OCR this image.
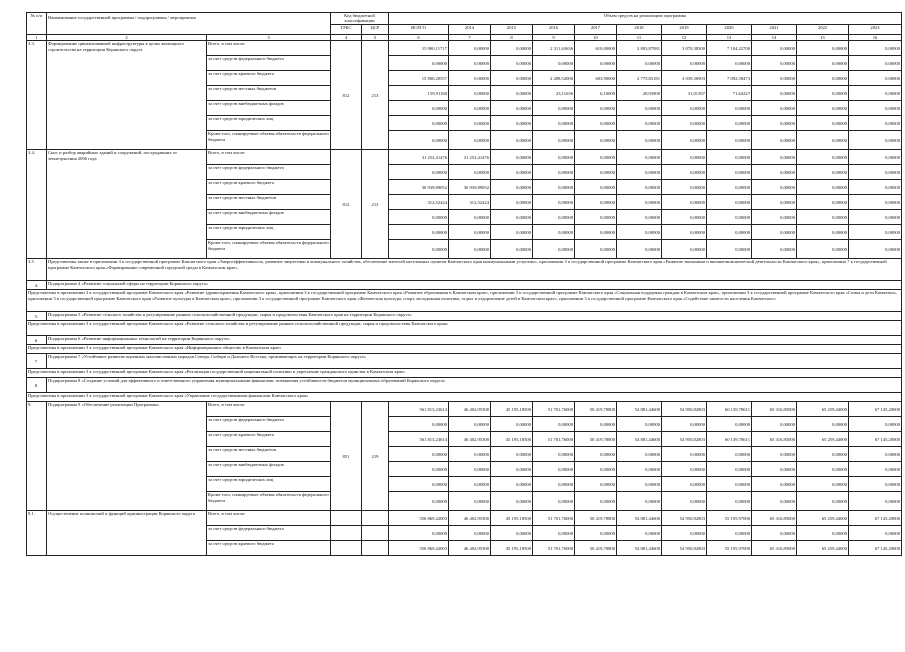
№ п/п	Наименование государственной программы / подпрограммы / мероприятия		Код бюджетной классификации		Объем средств на реализацию программы										
			ГРБС	ЦСР	ВСЕГО	2014	2015	2016	2017	2018	2019	2020	2021	2022	2023
1	2	3	4	5	6	7	8	9	10	11	12	13	14	15	16
3.3.	Формирование цивилизованной инфраструктуры в целях жилищного строительства на территории Корякского округа	Всего, в том числе:	812	213	15 900,11717	0,00000	0,00000	2 311,63636	610,00000	2 803,87081	3 070,38300	7 104,22700	0,00000	0,00000	0,00000
		за счет средств федерального бюджета			0,00000	0,00000	0,00000	0,00000	0,00000	0,00000	0,00000	0,00000	0,00000	0,00000	0,00000
		за счет средств краевого бюджета			15 800,20557	0,00000	0,00000	2 288,52000	603,90000	2 775,83181	3 039,36903	7 092,58473	0,00000	0,00000	0,00000
		за счет средств местных бюджетов			159,91160	0,00000	0,00000	23,11636	6,10000	28,03900	31,01397	71,64227	0,00000	0,00000	0,00000
		за счет средств внебюджетных фондов			0,00000	0,00000	0,00000	0,00000	0,00000	0,00000	0,00000	0,00000	0,00000	0,00000	0,00000
		за счет средств юридических лиц			0,00000	0,00000	0,00000	0,00000	0,00000	0,00000	0,00000	0,00000	0,00000	0,00000	0,00000
		Кроме того, планируемые объемы обязательств федерального бюджета			0,00000	0,00000	0,00000	0,00000	0,00000	0,00000	0,00000	0,00000	0,00000	0,00000	0,00000
3.4.	Снос и разбор аварийных зданий и сооружений, пострадавших от землетрясения 2006 года	Всего, в том числе:	812	213	31 252,41476	31 252,41476	0,00000	0,00000	0,00000	0,00000	0,00000	0,00000	0,00000	0,00000	0,00000
		за счет средств федерального бюджета			0,00000	0,00000	0,00000	0,00000	0,00000	0,00000	0,00000	0,00000	0,00000	0,00000	0,00000
		за счет средств краевого бюджета			30 939,89052	30 939,89052	0,00000	0,00000	0,00000	0,00000	0,00000	0,00000	0,00000	0,00000	0,00000
		за счет средств местных бюджетов			312,52424	312,52424	0,00000	0,00000	0,00000	0,00000	0,00000	0,00000	0,00000	0,00000	0,00000
		за счет средств внебюджетных фондов			0,00000	0,00000	0,00000	0,00000	0,00000	0,00000	0,00000	0,00000	0,00000	0,00000	0,00000
		за счет средств юридических лиц			0,00000	0,00000	0,00000	0,00000	0,00000	0,00000	0,00000	0,00000	0,00000	0,00000	0,00000
		Кроме того, планируемые объемы обязательств федерального бюджета			0,00000	0,00000	0,00000	0,00000	0,00000	0,00000	0,00000	0,00000	0,00000	0,00000	0,00000
3.5	Представлены также в приложении 3 к государственной программе Камчатского края «Энергоэффективность, развитие энергетики и коммунального хозяйства, обеспечение жителей населенных пунктов Камчатского края коммунальными услугами», приложении 3 к государственной программе Камчатского края «Развитие экономики и внешнеэкономической деятельности Камчатского края», приложении 7 к государственной программе Камчатского края «Формирование современной городской среды в Камчатском крае»														
4.	Подпрограмма 4 «Развитие социальной сферы на территории Корякского округа»														
Представлены в приложении 3 к государственной программе Камчатского края «Развитие здравоохранения Камчатского края», приложении 3 к государственной программе Камчатского края «Развитие образования в Камчатском крае», приложении 3 к государственной программе Камчатского края «Социальная поддержка граждан в Камчатском крае», приложении 3 к государственной программе Камчатского края «Семья и дети Камчатки», приложении 3 к государственной программе Камчатского края «Развитие культуры в Камчатском крае», приложении 3 к государственной программе Камчатского края «Физическая культура, спорт, молодежная политика, отдых и оздоровление детей в Камчатском крае», приложении 3 к государственной программе Камчатского края «Содействие занятости населения Камчатского															
5.	Подпрограмма 5 «Развитие сельского хозяйства и регулирование рынков сельскохозяйственной продукции, сырья и продовольствия Камчатского края на территории Корякского округа»														
Представлены в приложении 3 к государственной программе Камчатского края «Развитие сельского хозяйства и регулирование рынков сельскохозяйственной продукции, сырья и продовольствия Камчатского края»															
6.	Подпрограмма 6 «Развитие информационных технологий на территории Корякского округа»														
Представлены в приложении 3 к государственной программе Камчатского края «Информационное общество в Камчатском крае»															
7.	Подпрограмма 7 «Устойчивое развитие коренных малочисленных народов Севера, Сибири и Дальнего Востока, проживающих на территории Корякского округа»														
Представлены в приложении 3 к государственной программе Камчатского края «Реализация государственной национальной политики и укрепление гражданского единства в Камчатском крае»															
8.	Подпрограмма 8 «Создание условий для эффективного и ответственного управления муниципальными финансами, повышения устойчивости бюджетов муниципальных образований Корякского округа»														
Представлены в приложении 3 к государственной программе Камчатского края «Управление государственными финансами Камчатского края»															
9.	Подпрограмма 9 «Обеспечение реализации Программы»	Всего, в том числе:	851	219	561 813,23614	46 402,95300	45 195,18500	51 701,76000	50 419,78800	54 881,44600	54 950,82803	60 139,78611	65 316,85000	65 259,44000	67 145,20000
		за счет средств федерального бюджета			0,00000	0,00000	0,00000	0,00000	0,00000	0,00000	0,00000	0,00000	0,00000	0,00000	0,00000
		за счет средств краевого бюджета			561 813,23614	46 402,95300	45 195,18500	51 701,76000	50 419,78800	54 881,44600	54 950,82803	60 139,78611	65 316,85000	65 259,44000	67 145,20000
		за счет средств местных бюджетов			0,00000	0,00000	0,00000	0,00000	0,00000	0,00000	0,00000	0,00000	0,00000	0,00000	0,00000
		за счет средств внебюджетных фондов			0,00000	0,00000	0,00000	0,00000	0,00000	0,00000	0,00000	0,00000	0,00000	0,00000	0,00000
		за счет средств юридических лиц			0,00000	0,00000	0,00000	0,00000	0,00000	0,00000	0,00000	0,00000	0,00000	0,00000	0,00000
		Кроме того, планируемые объемы обязательств федерального бюджета			0,00000	0,00000	0,00000	0,00000	0,00000	0,00000	0,00000	0,00000	0,00000	0,00000	0,00000
9.1.	Осуществление полномочий и функций администрации Корякского округа	Всего, в том числе:			556 869,42003	46 402,95300	45 195,18500	51 701,76000	50 419,78800	54 881,44600	54 950,82803	55 195,97000	65 316,85000	65 259,44000	67 145,20000
		за счет средств федерального бюджета			0,00000	0,00000	0,00000	0,00000	0,00000	0,00000	0,00000	0,00000	0,00000	0,00000	0,00000
		за счет средств краевого бюджета			556 869,42003	46 402,95300	45 195,18500	51 701,76000	50 419,78800	54 881,44600	54 950,82803	55 195,97000	65 316,85000	65 259,44000	67 145,20000
